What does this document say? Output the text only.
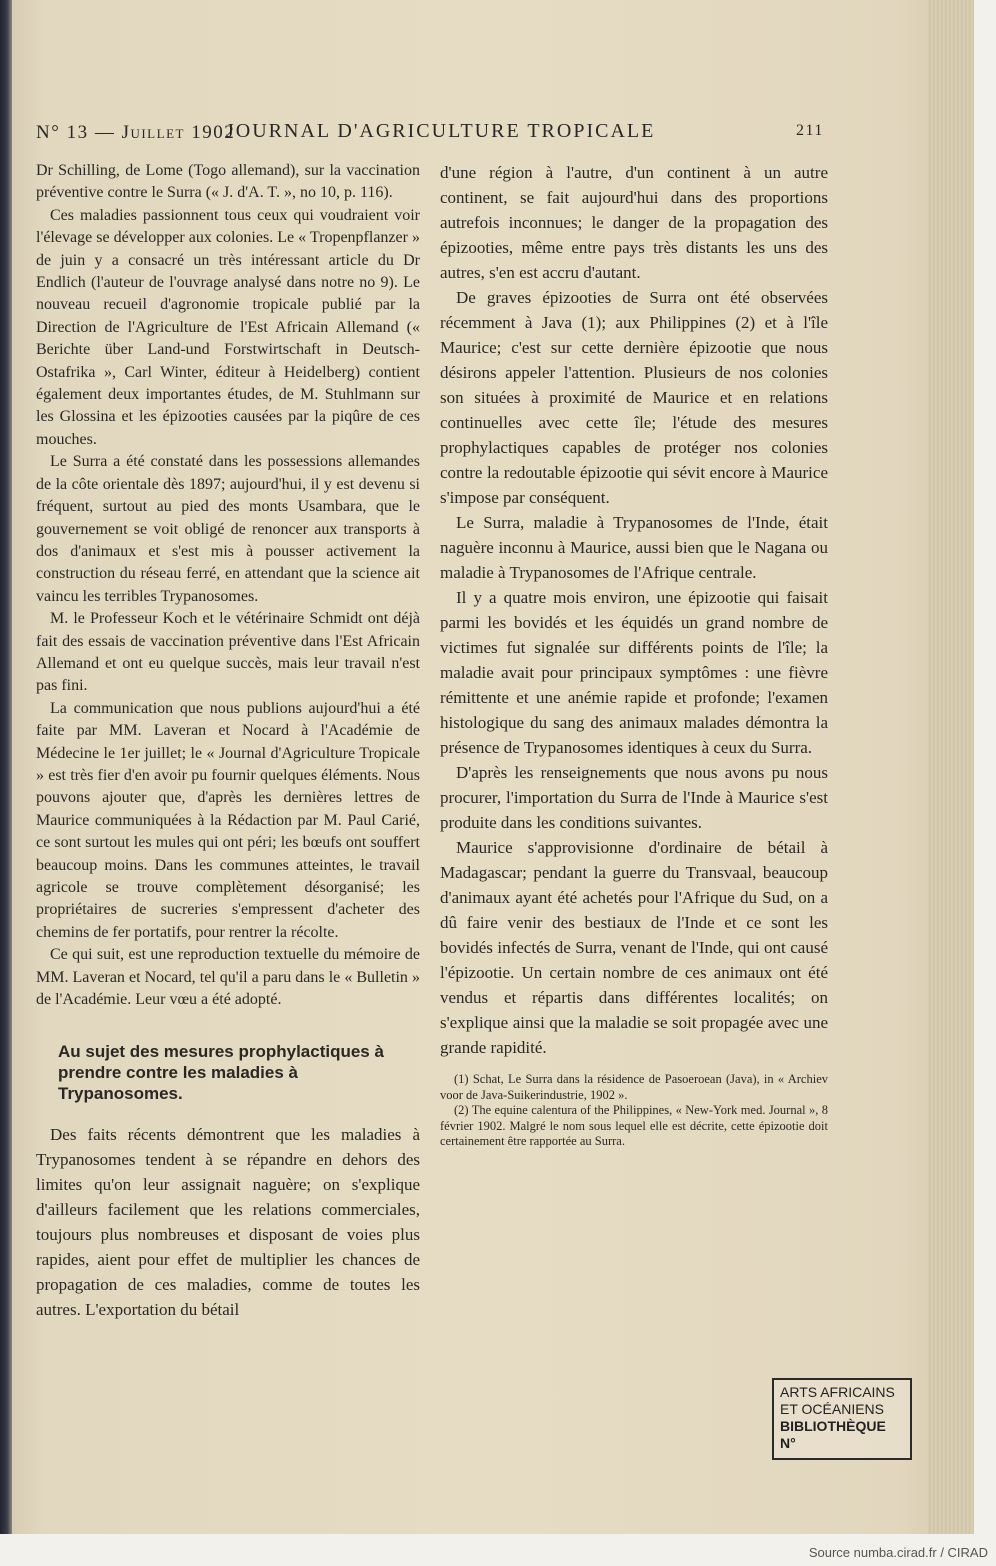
N° 13 — Juillet 1902
JOURNAL D'AGRICULTURE TROPICALE	211

Dr Schilling, de Lome (Togo allemand), sur la vaccination préventive contre le Surra (« J. d'A. T. », no 10, p. 116).

Ces maladies passionnent tous ceux qui voudraient voir l'élevage se développer aux colonies. Le « Tropenpflanzer » de juin y a consacré un très intéressant article du Dr Endlich (l'auteur de l'ouvrage analysé dans notre no 9). Le nouveau recueil d'agronomie tropicale publié par la Direction de l'Agriculture de l'Est Africain Allemand (« Berichte über Land-und Forstwirtschaft in Deutsch-Ostafrika », Carl Winter, éditeur à Heidelberg) contient également deux importantes études, de M. Stuhlmann sur les Glossina et les épizooties causées par la piqûre de ces mouches.

Le Surra a été constaté dans les possessions allemandes de la côte orientale dès 1897; aujourd'hui, il y est devenu si fréquent, surtout au pied des monts Usambara, que le gouvernement se voit obligé de renoncer aux transports à dos d'animaux et s'est mis à pousser activement la construction du réseau ferré, en attendant que la science ait vaincu les terribles Trypanosomes.

M. le Professeur Koch et le vétérinaire Schmidt ont déjà fait des essais de vaccination préventive dans l'Est Africain Allemand et ont eu quelque succès, mais leur travail n'est pas fini.

La communication que nous publions aujourd'hui a été faite par MM. Laveran et Nocard à l'Académie de Médecine le 1er juillet; le « Journal d'Agriculture Tropicale » est très fier d'en avoir pu fournir quelques éléments. Nous pouvons ajouter que, d'après les dernières lettres de Maurice communiquées à la Rédaction par M. Paul Carié, ce sont surtout les mules qui ont péri; les bœufs ont souffert beaucoup moins. Dans les communes atteintes, le travail agricole se trouve complètement désorganisé; les propriétaires de sucreries s'empressent d'acheter des chemins de fer portatifs, pour rentrer la récolte.

Ce qui suit, est une reproduction textuelle du mémoire de MM. Laveran et Nocard, tel qu'il a paru dans le « Bulletin » de l'Académie. Leur vœu a été adopté.

Au sujet des mesures prophylactiques à prendre contre les maladies à Trypanosomes.

Des faits récents démontrent que les maladies à Trypanosomes tendent à se répandre en dehors des limites qu'on leur assignait naguère; on s'explique d'ailleurs facilement que les relations commerciales, toujours plus nombreuses et disposant de voies plus rapides, aient pour effet de multiplier les chances de propagation de ces maladies, comme de toutes les autres. L'exportation du bétail

d'une région à l'autre, d'un continent à un autre continent, se fait aujourd'hui dans des proportions autrefois inconnues; le danger de la propagation des épizooties, même entre pays très distants les uns des autres, s'en est accru d'autant.

De graves épizooties de Surra ont été observées récemment à Java (1); aux Philippines (2) et à l'île Maurice; c'est sur cette dernière épizootie que nous désirons appeler l'attention. Plusieurs de nos colonies son situées à proximité de Maurice et en relations continuelles avec cette île; l'étude des mesures prophylactiques capables de protéger nos colonies contre la redoutable épizootie qui sévit encore à Maurice s'impose par conséquent.

Le Surra, maladie à Trypanosomes de l'Inde, était naguère inconnu à Maurice, aussi bien que le Nagana ou maladie à Trypanosomes de l'Afrique centrale.

Il y a quatre mois environ, une épizootie qui faisait parmi les bovidés et les équidés un grand nombre de victimes fut signalée sur différents points de l'île; la maladie avait pour principaux symptômes : une fièvre rémittente et une anémie rapide et profonde; l'examen histologique du sang des animaux malades démontra la présence de Trypanosomes identiques à ceux du Surra.

D'après les renseignements que nous avons pu nous procurer, l'importation du Surra de l'Inde à Maurice s'est produite dans les conditions suivantes.

Maurice s'approvisionne d'ordinaire de bétail à Madagascar; pendant la guerre du Transvaal, beaucoup d'animaux ayant été achetés pour l'Afrique du Sud, on a dû faire venir des bestiaux de l'Inde et ce sont les bovidés infectés de Surra, venant de l'Inde, qui ont causé l'épizootie. Un certain nombre de ces animaux ont été vendus et répartis dans différentes localités; on s'explique ainsi que la maladie se soit propagée avec une grande rapidité.

(1) Schat, Le Surra dans la résidence de Pasoeroean (Java), in « Archiev voor de Java-Suikerindustrie, 1902 ».

(2) The equine calentura of the Philippines, « New-York med. Journal », 8 février 1902. Malgré le nom sous lequel elle est décrite, cette épizootie doit certainement être rapportée au Surra.

ARTS AFRICAINS
ET OCÉANIENS
BIBLIOTHÈQUE
N°
Source numba.cirad.fr / CIRAD
